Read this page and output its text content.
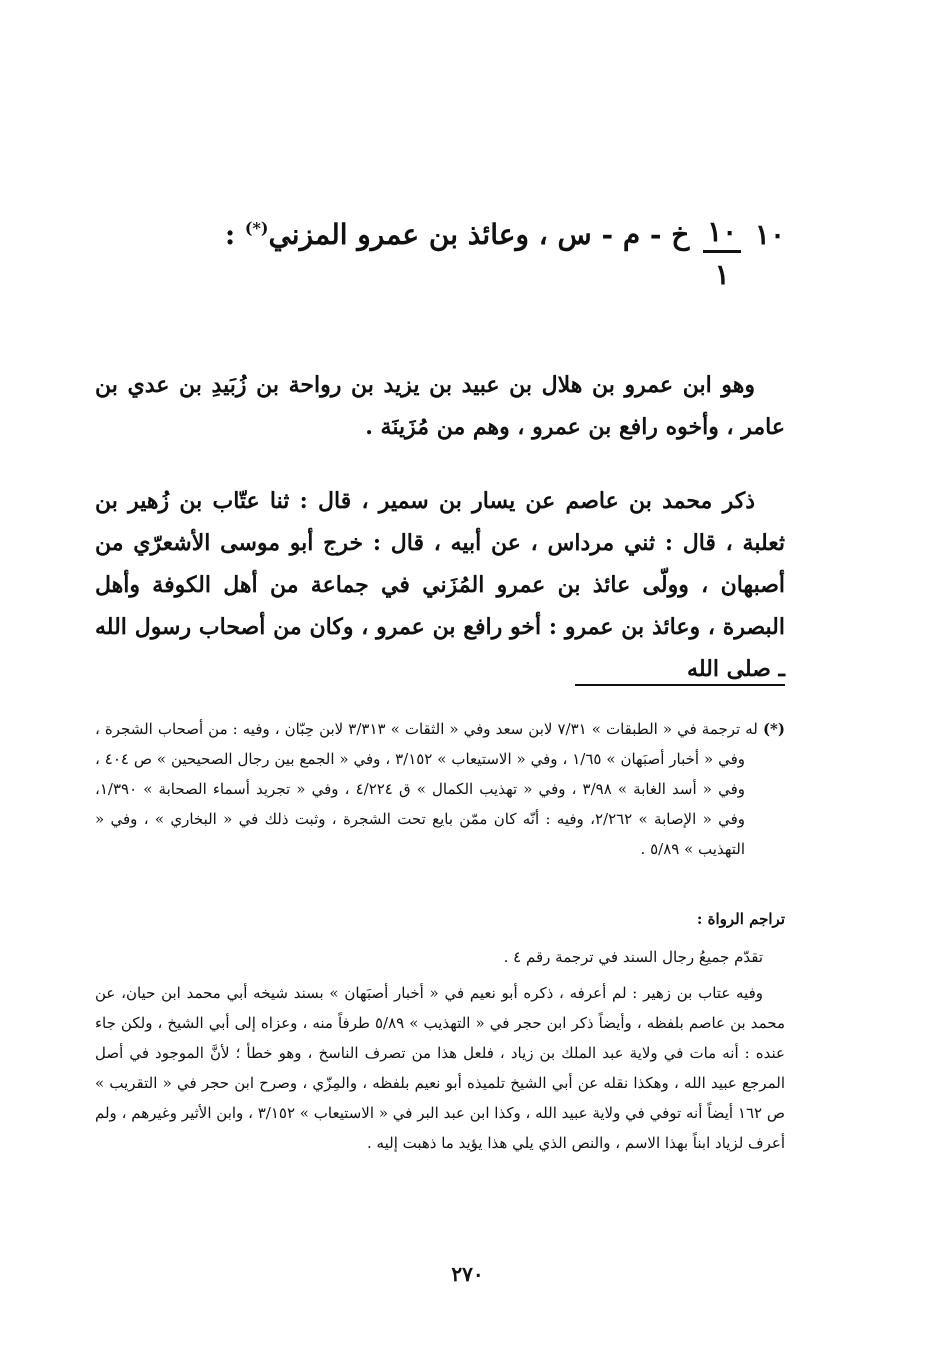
١٠
$\frac{١٠}{١}$
خ - م - س ، وعائذ بن عمرو المزني(*) :

وهو ابن عمرو بن هلال بن عبيد بن يزيد بن رواحة بن زُبَيدِ بن عدي بن عامر ، وأخوه رافع بن عمرو ، وهم من مُزَينَة .

ذكر محمد بن عاصم عن يسار بن سمير ، قال : ثنا عتّاب بن زُهير بن ثعلبة ، قال : ثني مرداس ، عن أبيه ، قال : خرج أبو موسى الأشعرّي من أصبهان ، وولّى عائذ بن عمرو المُزَني في جماعة من أهل الكوفة وأهل البصرة ، وعائذ بن عمرو : أخو رافع بن عمرو ، وكان من أصحاب رسول الله ـ صلى الله

(*) له ترجمة في « الطبقات » ٧/٣١ لابن سعد وفي « الثقات » ٣/٣١٣ لابن حِبّان ، وفيه : من أصحاب الشجرة ، وفي « أخبار أصبَهان » ١/٦٥ ، وفي « الاستيعاب » ٣/١٥٢ ، وفي « الجمع بين رجال الصحيحين » ص ٤٠٤ ، وفي « أسد الغابة » ٣/٩٨ ، وفي « تهذيب الكمال » ق ٤/٢٢٤ ، وفي « تجريد أسماء الصحابة » ١/٣٩٠، وفي « الإصابة » ٢/٢٦٢، وفيه : أنّه كان ممّن بايع تحت الشجرة ، وثبت ذلك في « البخاري » ، وفي « التهذيب » ٥/٨٩ .

تراجم الرواة :

تقدّم جميعُ رجال السند في ترجمة رقم ٤ .

وفيه عتاب بن زهير : لم أعرفه ، ذكره أبو نعيم في « أخبار أصبَهان » بسند شيخه أبي محمد ابن حيان، عن محمد بن عاصم بلفظه ، وأيضاً ذكر ابن حجر في « التهذيب » ٥/٨٩ طرفاً منه ، وعزاه إلى أبي الشيخ ، ولكن جاء عنده : أنه مات في ولاية عبد الملك بن زياد ، فلعل هذا من تصرف الناسخ ، وهو خطأ ؛ لأنَّ الموجود في أصل المرجع عبيد الله ، وهكذا نقله عن أبي الشيخ تلميذه أبو نعيم بلفظه ، والمِزّي ، وصرح ابن حجر في « التقريب » ص ١٦٢ أيضاً أنه توفي في ولاية عبيد الله ، وكذا ابن عبد البر في « الاستيعاب » ٣/١٥٢ ، وابن الأثير وغيرهم ، ولم أعرف لزياد ابناً بهذا الاسم ، والنص الذي يلي هذا يؤيد ما ذهبت إليه .

٢٧٠
